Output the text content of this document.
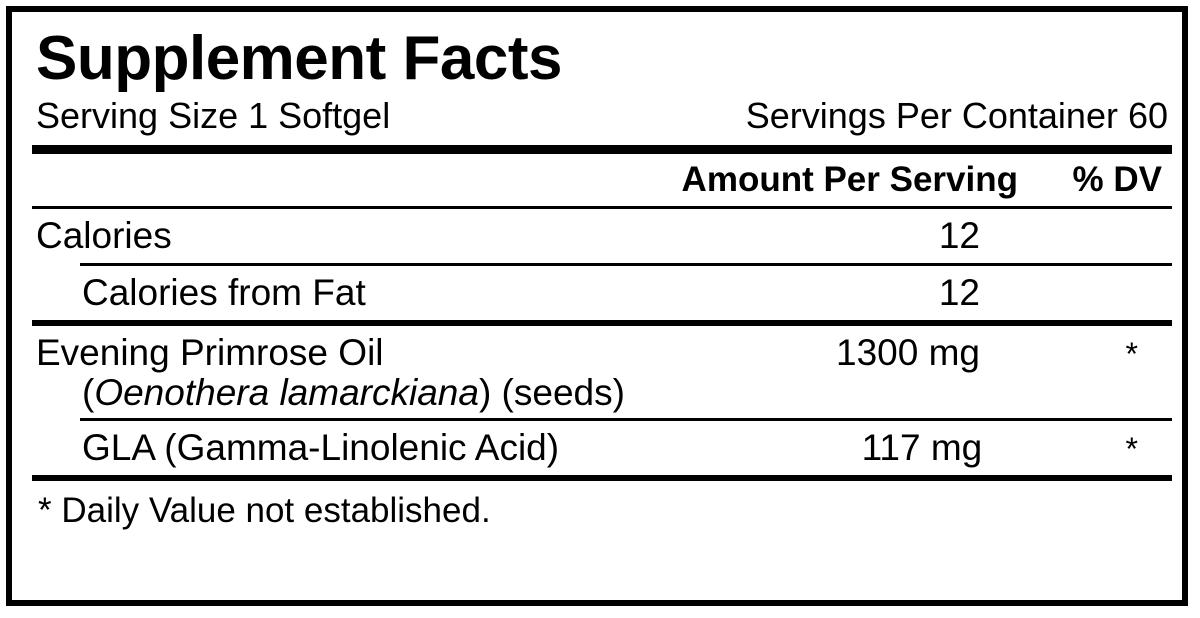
Supplement Facts
Serving Size 1 Softgel	Servings Per Container 60
Amount Per Serving	% DV
Calories	12
Calories from Fat	12
Evening Primrose Oil	1300 mg	*
(Oenothera lamarckiana) (seeds)
GLA (Gamma-Linolenic Acid)	117 mg	*
* Daily Value not established.
